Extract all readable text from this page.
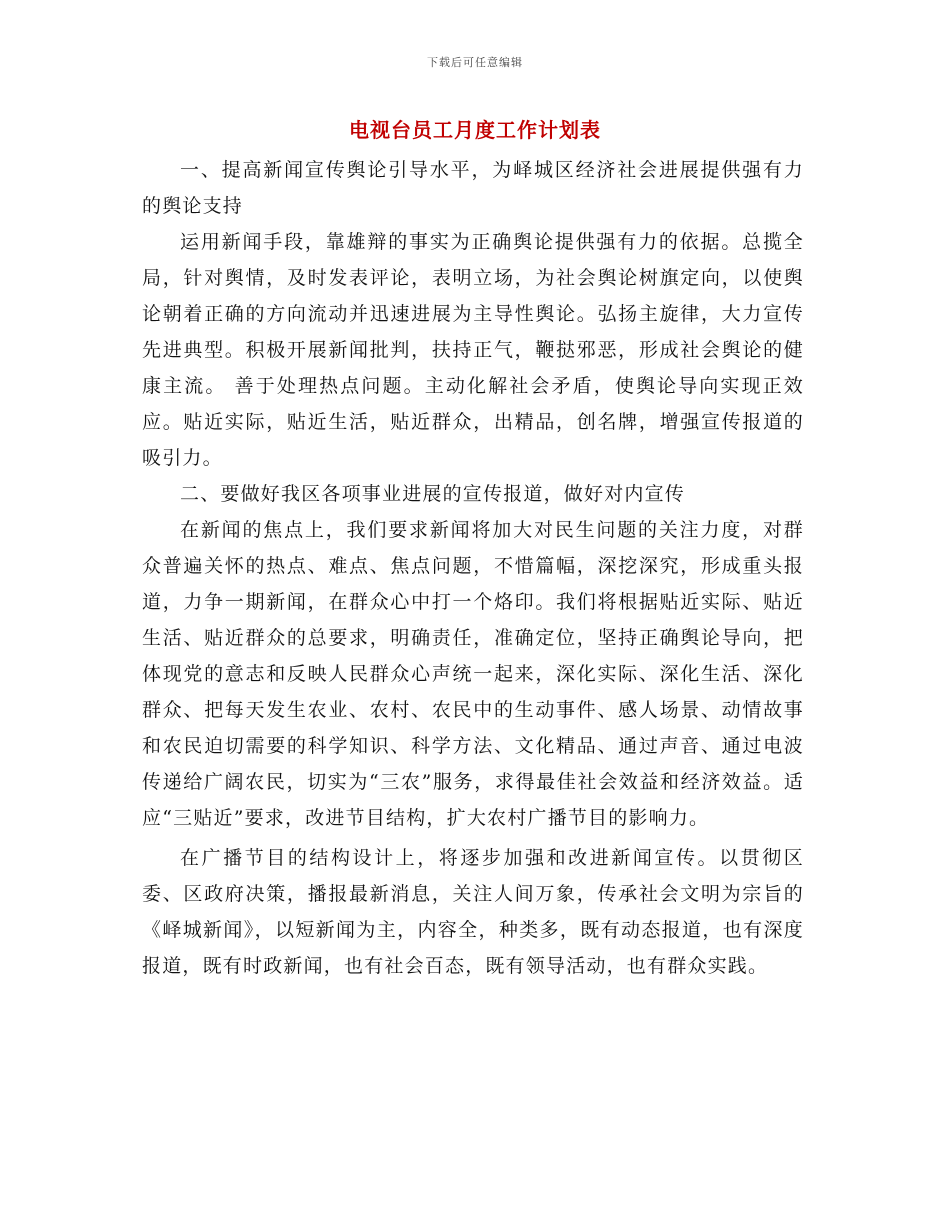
下载后可任意编辑
电视台员工月度工作计划表

一、提高新闻宣传舆论引导水平，为峄城区经济社会进展提供强有力的舆论支持

运用新闻手段，靠雄辩的事实为正确舆论提供强有力的依据。总揽全局，针对舆情，及时发表评论，表明立场，为社会舆论树旗定向，以使舆论朝着正确的方向流动并迅速进展为主导性舆论。弘扬主旋律，大力宣传先进典型。积极开展新闻批判，扶持正气，鞭挞邪恶，形成社会舆论的健康主流。 善于处理热点问题。主动化解社会矛盾，使舆论导向实现正效应。贴近实际，贴近生活，贴近群众，出精品，创名牌，增强宣传报道的吸引力。

二、要做好我区各项事业进展的宣传报道，做好对内宣传

在新闻的焦点上，我们要求新闻将加大对民生问题的关注力度，对群众普遍关怀的热点、难点、焦点问题，不惜篇幅，深挖深究，形成重头报道，力争一期新闻，在群众心中打一个烙印。我们将根据贴近实际、贴近生活、贴近群众的总要求，明确责任，准确定位，坚持正确舆论导向，把体现党的意志和反映人民群众心声统一起来，深化实际、深化生活、深化群众、把每天发生农业、农村、农民中的生动事件、感人场景、动情故事和农民迫切需要的科学知识、科学方法、文化精品、通过声音、通过电波传递给广阔农民，切实为“三农”服务，求得最佳社会效益和经济效益。适应“三贴近”要求，改进节目结构，扩大农村广播节目的影响力。

在广播节目的结构设计上，将逐步加强和改进新闻宣传。以贯彻区委、区政府决策，播报最新消息，关注人间万象，传承社会文明为宗旨的《峄城新闻》，以短新闻为主，内容全，种类多，既有动态报道，也有深度报道，既有时政新闻，也有社会百态，既有领导活动，也有群众实践。
